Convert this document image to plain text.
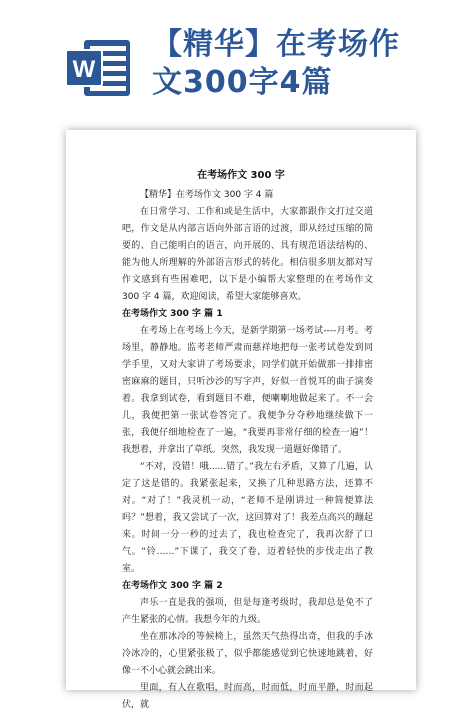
W
【精华】在考场作
文300字4篇
在考场作文 300 字

【精华】在考场作文 300 字 4 篇

在日常学习、工作和或是生活中，大家都跟作文打过交道吧，作文是从内部言语向外部言语的过渡，即从经过压缩的简要的、自己能明白的语言，向开展的、具有规范语法结构的、能为他人所理解的外部语言形式的转化。相信很多朋友都对写作文感到有些困难吧，以下是小编帮大家整理的在考场作文 300 字 4 篇，欢迎阅读，希望大家能够喜欢。

在考场作文 300 字 篇 1

在考场上在考场上今天，是新学期第一场考试----月考。考场里，静静地。监考老师严肃而慈祥地把每一张考试卷发到同学手里，又对大家讲了考场要求，同学们就开始做那一排排密密麻麻的题目，只听沙沙的写字声，好似一首悦耳的曲子演奏着。我拿到试卷，看到题目不难，便喇喇地做起来了。不一会儿，我便把第一张试卷答完了。我便争分夺秒地继续做下一张，我便仔细地检查了一遍，“我要再非常仔细的检查一遍”！我想着，并拿出了草纸。突然，我发现一道题好像错了。

“不对，没错！哦......错了。”我左右矛盾，又算了几遍，认定了这是错的。我紧张起来，又换了几种思路方法，还算不对。“对了！”我灵机一动，“老师不是刚讲过一种简便算法吗？”想着，我又尝试了一次，这回算对了！我差点高兴的蹦起来。时间一分一秒的过去了，我也检查完了，我再次舒了口气。“铃……”下课了，我交了卷，迈着轻快的步伐走出了教室。

在考场作文 300 字 篇 2

声乐一直是我的强项，但是每逢考级时，我却总是免不了产生紧张的心情。我想今年的九级。

坐在那冰冷的等候椅上，虽然天气热得出奇，但我的手冰冷冰冷的，心里紧张极了，似乎都能感觉到它快速地跳着，好像一不小心就会跳出来。

里面，有人在歌唱，时而高，时而低，时而平静，时而起伏，就
